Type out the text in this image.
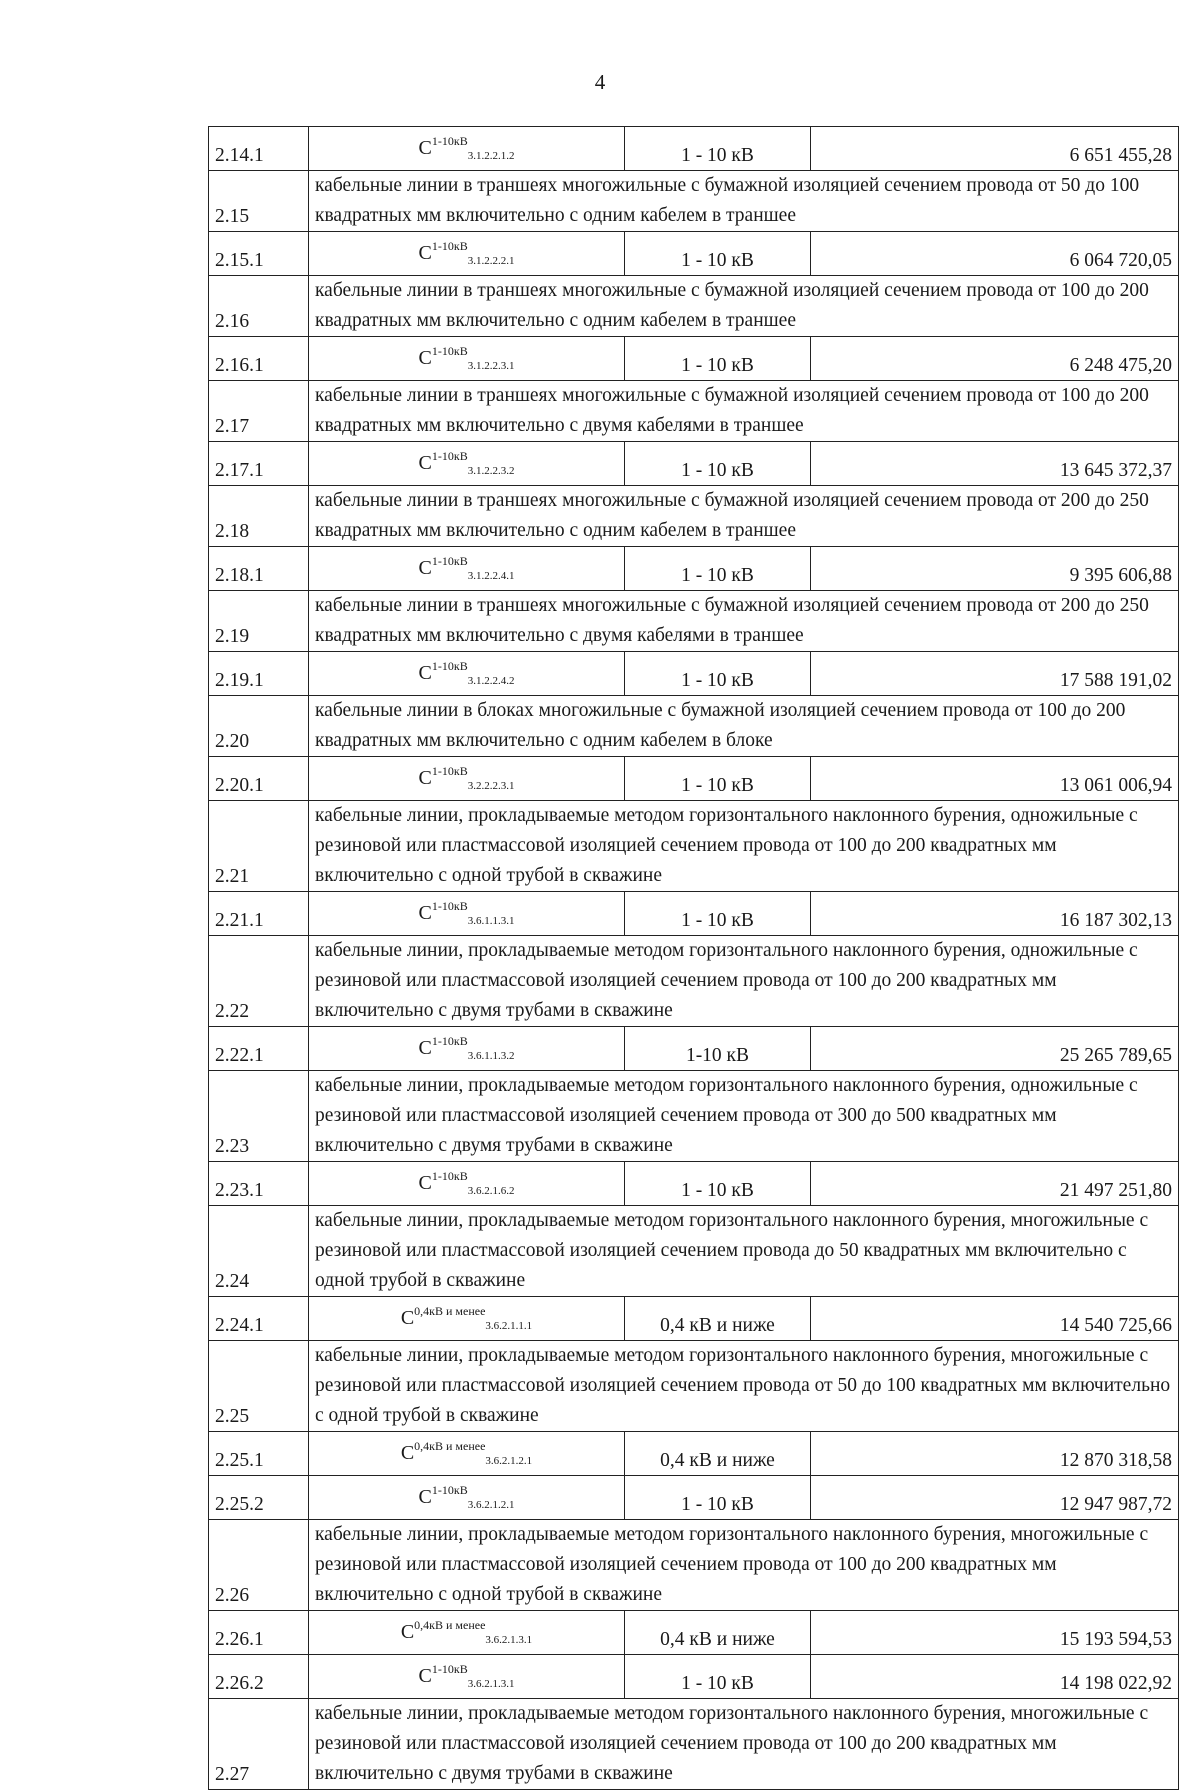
4
2.14.1	$C^{1-10кВ}_{3.1.2.2.1.2}$	1 - 10 кВ	6 651 455,28
2.15	кабельные линии в траншеях многожильные с бумажной изоляцией сечением провода от 50 до 100 квадратных мм включительно с одним кабелем в траншее		
2.15.1	$C^{1-10кВ}_{3.1.2.2.2.1}$	1 - 10 кВ	6 064 720,05
2.16	кабельные линии в траншеях многожильные с бумажной изоляцией сечением провода от 100 до 200 квадратных мм включительно с одним кабелем в траншее		
2.16.1	$C^{1-10кВ}_{3.1.2.2.3.1}$	1 - 10 кВ	6 248 475,20
2.17	кабельные линии в траншеях многожильные с бумажной изоляцией сечением провода от 100 до 200 квадратных мм включительно с двумя кабелями в траншее		
2.17.1	$C^{1-10кВ}_{3.1.2.2.3.2}$	1 - 10 кВ	13 645 372,37
2.18	кабельные линии в траншеях многожильные с бумажной изоляцией сечением провода от 200 до 250 квадратных мм включительно с одним кабелем в траншее		
2.18.1	$C^{1-10кВ}_{3.1.2.2.4.1}$	1 - 10 кВ	9 395 606,88
2.19	кабельные линии в траншеях многожильные с бумажной изоляцией сечением провода от 200 до 250 квадратных мм включительно с двумя кабелями в траншее		
2.19.1	$C^{1-10кВ}_{3.1.2.2.4.2}$	1 - 10 кВ	17 588 191,02
2.20	кабельные линии в блоках многожильные с бумажной изоляцией сечением провода от 100 до 200 квадратных мм включительно с одним кабелем в блоке		
2.20.1	$C^{1-10кВ}_{3.2.2.2.3.1}$	1 - 10 кВ	13 061 006,94
2.21	кабельные линии, прокладываемые методом горизонтального наклонного бурения, одножильные с резиновой или пластмассовой изоляцией сечением провода от 100 до 200 квадратных мм включительно с одной трубой в скважине		
2.21.1	$C^{1-10кВ}_{3.6.1.1.3.1}$	1 - 10 кВ	16 187 302,13
2.22	кабельные линии, прокладываемые методом горизонтального наклонного бурения, одножильные с резиновой или пластмассовой изоляцией сечением провода от 100 до 200 квадратных мм включительно с двумя трубами в скважине		
2.22.1	$C^{1-10кВ}_{3.6.1.1.3.2}$	1-10 кВ	25 265 789,65
2.23	кабельные линии, прокладываемые методом горизонтального наклонного бурения, одножильные с резиновой или пластмассовой изоляцией сечением провода от 300 до 500 квадратных мм включительно с двумя трубами в скважине		
2.23.1	$C^{1-10кВ}_{3.6.2.1.6.2}$	1 - 10 кВ	21 497 251,80
2.24	кабельные линии, прокладываемые методом горизонтального наклонного бурения, многожильные с резиновой или пластмассовой изоляцией сечением провода до 50 квадратных мм включительно с одной трубой в скважине		
2.24.1	$C^{0,4кВ и менее}_{3.6.2.1.1.1}$	0,4 кВ и ниже	14 540 725,66
2.25	кабельные линии, прокладываемые методом горизонтального наклонного бурения, многожильные с резиновой или пластмассовой изоляцией сечением провода от 50 до 100 квадратных мм включительно с одной трубой в скважине		
2.25.1	$C^{0,4кВ и менее}_{3.6.2.1.2.1}$	0,4 кВ и ниже	12 870 318,58
2.25.2	$C^{1-10кВ}_{3.6.2.1.2.1}$	1 - 10 кВ	12 947 987,72
2.26	кабельные линии, прокладываемые методом горизонтального наклонного бурения, многожильные с резиновой или пластмассовой изоляцией сечением провода от 100 до 200 квадратных мм включительно с одной трубой в скважине		
2.26.1	$C^{0,4кВ и менее}_{3.6.2.1.3.1}$	0,4 кВ и ниже	15 193 594,53
2.26.2	$C^{1-10кВ}_{3.6.2.1.3.1}$	1 - 10 кВ	14 198 022,92
2.27	кабельные линии, прокладываемые методом горизонтального наклонного бурения, многожильные с резиновой или пластмассовой изоляцией сечением провода от 100 до 200 квадратных мм включительно с двумя трубами в скважине		
